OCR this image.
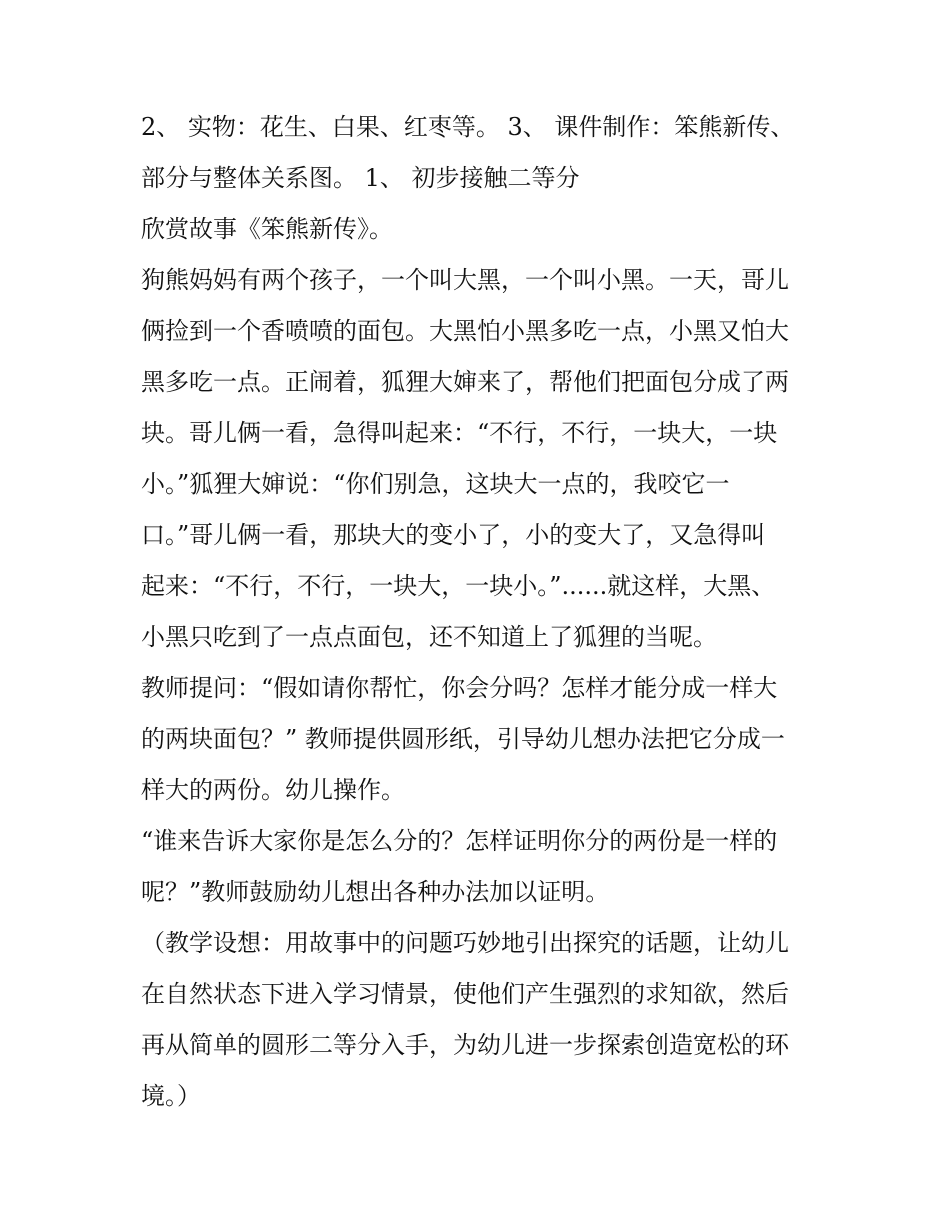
2、 实物：花生、白果、红枣等。 3、 课件制作：笨熊新传、
部分与整体关系图。 1、 初步接触二等分
欣赏故事《笨熊新传》。
狗熊妈妈有两个孩子，一个叫大黑，一个叫小黑。一天，哥儿
俩捡到一个香喷喷的面包。大黑怕小黑多吃一点，小黑又怕大
黑多吃一点。正闹着，狐狸大婶来了，帮他们把面包分成了两
块。哥儿俩一看，急得叫起来：“不行，不行，一块大，一块
小。”狐狸大婶说：“你们别急，这块大一点的，我咬它一
口。”哥儿俩一看，那块大的变小了，小的变大了，又急得叫
起来：“不行，不行，一块大，一块小。”......就这样，大黑、
小黑只吃到了一点点面包，还不知道上了狐狸的当呢。
教师提问：“假如请你帮忙，你会分吗？怎样才能分成一样大
的两块面包？” 教师提供圆形纸，引导幼儿想办法把它分成一
样大的两份。幼儿操作。
“谁来告诉大家你是怎么分的？怎样证明你分的两份是一样的
呢？”教师鼓励幼儿想出各种办法加以证明。
（教学设想：用故事中的问题巧妙地引出探究的话题，让幼儿
在自然状态下进入学习情景，使他们产生强烈的求知欲，然后
再从简单的圆形二等分入手，为幼儿进一步探索创造宽松的环
境。）
